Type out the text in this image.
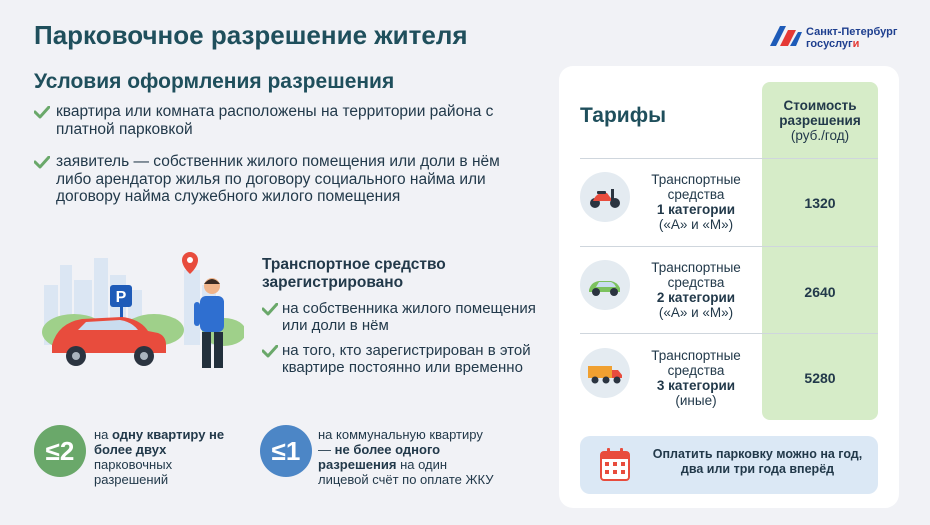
Парковочное разрешение жителя	Санкт-Петербург
госуслуги
Условия оформления разрешения
квартира или комната расположены на территории района с платной парковкой
заявитель — собственник жилого помещения или доли в нём либо арендатор жилья по договору социального найма или договору найма служебного жилого помещения
P
Транспортное средство зарегистрировано
на собственника жилого помещения или доли в нём
на того, кто зарегистрирован в этой квартире постоянно или временно
≤2
на одну квартиру не более двух парковочных разрешений
≤1
на коммунальную квартиру — не более одного разрешения на один лицевой счёт по оплате ЖКУ
Тарифы	Стоимость разрешения
(руб./год)
Транспортные средства
1 категории
(«А» и «М»)
1320
Транспортные средства
2 категории
(«А» и «М»)
2640
Транспортные средства
3 категории
(иные)
5280
Оплатить парковку можно на год, два или три года вперёд
